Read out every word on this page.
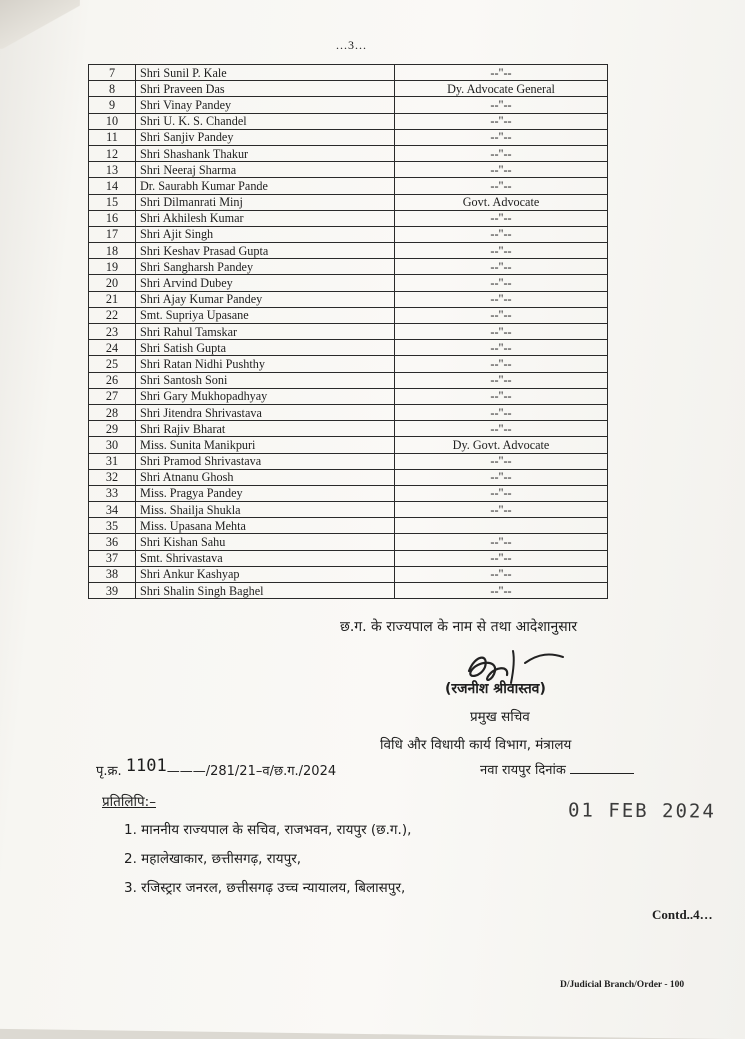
...3...
7	Shri Sunil P. Kale	--"--
8	Shri Praveen Das	Dy. Advocate General
9	Shri Vinay Pandey	--"--
10	Shri U. K. S. Chandel	--"--
11	Shri Sanjiv Pandey	--"--
12	Shri Shashank Thakur	--"--
13	Shri Neeraj Sharma	--"--
14	Dr. Saurabh Kumar Pande	--"--
15	Shri Dilmanrati Minj	Govt. Advocate
16	Shri Akhilesh Kumar	--"--
17	Shri Ajit Singh	--"--
18	Shri Keshav Prasad Gupta	--"--
19	Shri Sangharsh Pandey	--"--
20	Shri Arvind Dubey	--"--
21	Shri Ajay Kumar Pandey	--"--
22	Smt. Supriya Upasane	--"--
23	Shri Rahul Tamskar	--"--
24	Shri Satish Gupta	--"--
25	Shri Ratan Nidhi Pushthy	--"--
26	Shri Santosh Soni	--"--
27	Shri Gary Mukhopadhyay	--"--
28	Shri Jitendra Shrivastava	--"--
29	Shri Rajiv Bharat	--"--
30	Miss. Sunita Manikpuri	Dy. Govt. Advocate
31	Shri Pramod Shrivastava	--"--
32	Shri Atnanu Ghosh	--"--
33	Miss. Pragya Pandey	--"--
34	Miss. Shailja Shukla	--"--
35	Miss. Upasana Mehta	
36	Shri Kishan Sahu	--"--
37	Smt. Shrivastava	--"--
38	Shri Ankur Kashyap	--"--
39	Shri Shalin Singh Baghel	--"--
छ.ग. के राज्यपाल के नाम से तथा आदेशानुसार
(रजनीश श्रीवास्तव)
प्रमुख सचिव
विधि और विधायी कार्य विभाग, मंत्रालय
पृ.क्र. 1101———/281/21–व/छ.ग./2024	नवा रायपुर दिनांक
प्रतिलिपि:–	01 FEB 2024
1. माननीय राज्यपाल के सचिव, राजभवन, रायपुर (छ.ग.),
2. महालेखाकार, छत्तीसगढ़, रायपुर,
3. रजिस्ट्रार जनरल, छत्तीसगढ़ उच्च न्यायालय, बिलासपुर,
Contd..4…
D/Judicial Branch/Order - 100
